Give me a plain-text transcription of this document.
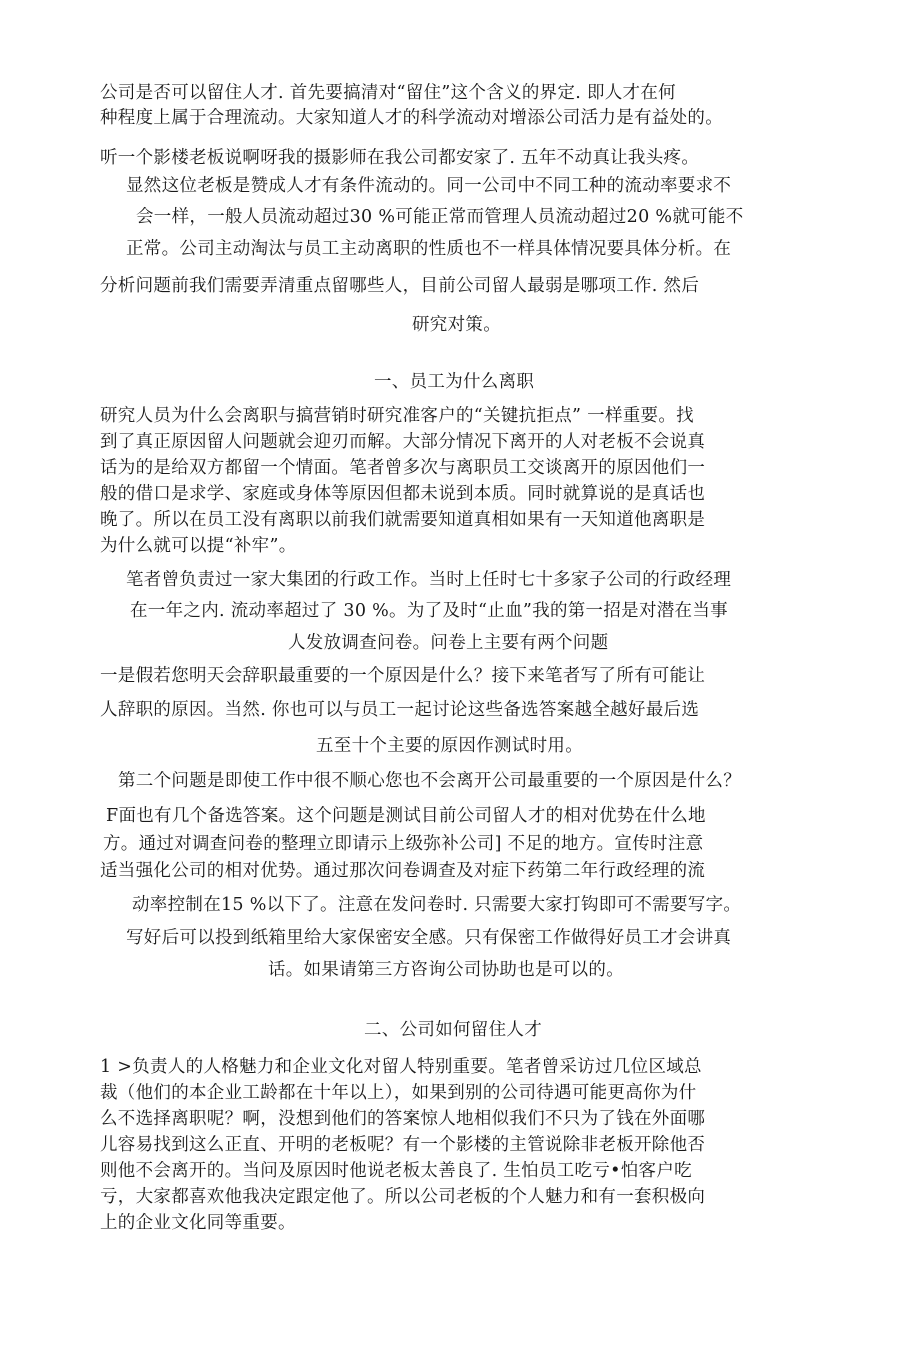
公司是否可以留住人才. 首先要搞清对“留住”这个含义的界定. 即人才在何
种程度上属于合理流动。大家知道人才的科学流动对增添公司活力是有益处的。
听一个影楼老板说啊呀我的摄影师在我公司都安家了. 五年不动真让我头疼。
显然这位老板是赞成人才有条件流动的。同一公司中不同工种的流动率要求不
会一样，一般人员流动超过30 %可能正常而管理人员流动超过20 %就可能不
正常。公司主动淘汰与员工主动离职的性质也不一样具体情况要具体分析。在
分析问题前我们需要弄清重点留哪些人，目前公司留人最弱是哪项工作. 然后
研究对策。
一、员工为什么离职
研究人员为什么会离职与搞营销时研究准客户的“关键抗拒点” 一样重要。找
到了真正原因留人问题就会迎刃而解。大部分情况下离开的人对老板不会说真
话为的是给双方都留一个情面。笔者曾多次与离职员工交谈离开的原因他们一
般的借口是求学、家庭或身体等原因但都未说到本质。同时就算说的是真话也
晚了。所以在员工没有离职以前我们就需要知道真相如果有一天知道他离职是
为什么就可以提“补牢”。
笔者曾负责过一家大集团的行政工作。当时上任时七十多家子公司的行政经理
在一年之内. 流动率超过了 30 %。为了及时“止血”我的第一招是对潜在当事
人发放调查问卷。问卷上主要有两个问题
一是假若您明天会辞职最重要的一个原因是什么？接下来笔者写了所有可能让
人辞职的原因。当然. 你也可以与员工一起讨论这些备选答案越全越好最后选
五至十个主要的原因作测试时用。
第二个问题是即使工作中很不顺心您也不会离开公司最重要的一个原因是什么？
F面也有几个备选答案。这个问题是测试目前公司留人才的相对优势在什么地
方。通过对调查问卷的整理立即请示上级弥补公司] 不足的地方。宣传时注意
适当强化公司的相对优势。通过那次问卷调查及对症下药第二年行政经理的流
动率控制在15 %以下了。注意在发问卷时. 只需要大家打钩即可不需要写字。
写好后可以投到纸箱里给大家保密安全感。只有保密工作做得好员工才会讲真
话。如果请第三方咨询公司协助也是可以的。
二、公司如何留住人才
1 >负责人的人格魅力和企业文化对留人特别重要。笔者曾采访过几位区域总
裁（他们的本企业工龄都在十年以上），如果到别的公司待遇可能更高你为什
么不选择离职呢？啊，没想到他们的答案惊人地相似我们不只为了钱在外面哪
儿容易找到这么正直、开明的老板呢？有一个影楼的主管说除非老板开除他否
则他不会离开的。当问及原因时他说老板太善良了. 生怕员工吃亏•怕客户吃
亏，大家都喜欢他我决定跟定他了。所以公司老板的个人魅力和有一套积极向
上的企业文化同等重要。
